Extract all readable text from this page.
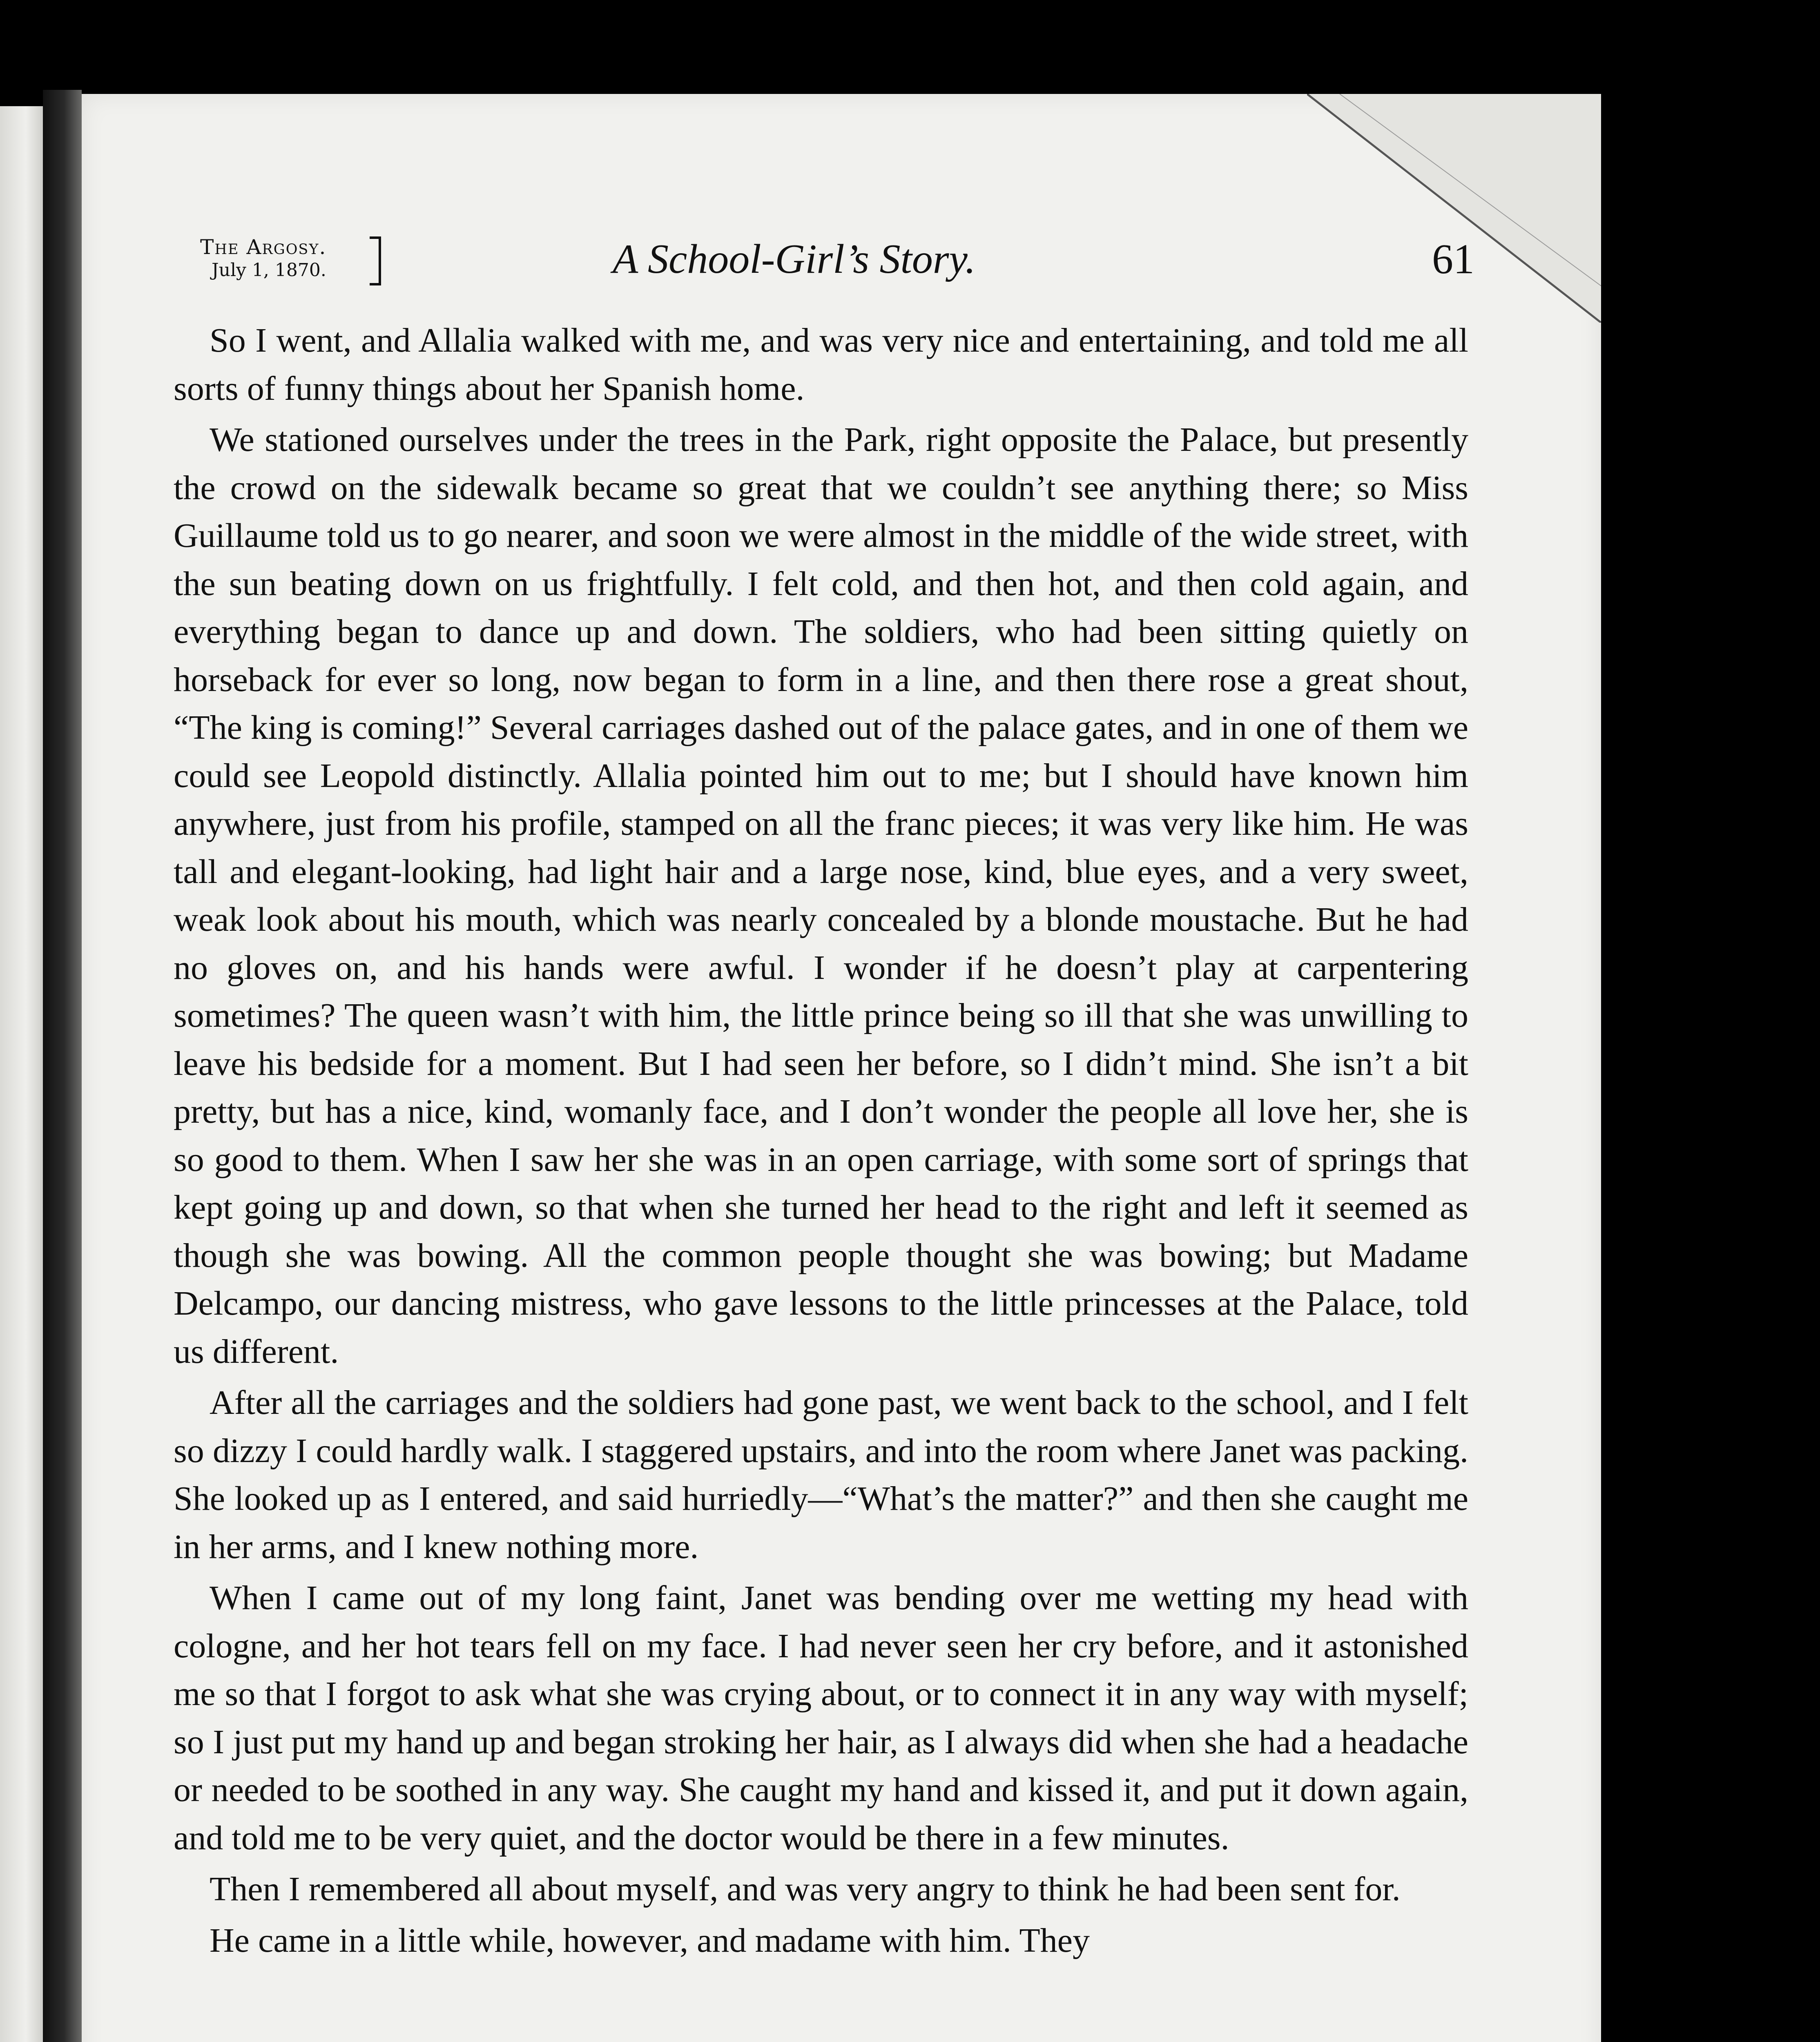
The Argosy.
July 1, 1870.	A School-Girl’s Story.	61

So I went, and Allalia walked with me, and was very nice and entertaining, and told me all sorts of funny things about her Spanish home.

We stationed ourselves under the trees in the Park, right opposite the Palace, but presently the crowd on the sidewalk became so great that we couldn’t see anything there; so Miss Guillaume told us to go nearer, and soon we were almost in the middle of the wide street, with the sun beating down on us frightfully. I felt cold, and then hot, and then cold again, and everything began to dance up and down. The soldiers, who had been sitting quietly on horseback for ever so long, now began to form in a line, and then there rose a great shout, “The king is coming!” Several carriages dashed out of the palace gates, and in one of them we could see Leopold distinctly. Allalia pointed him out to me; but I should have known him anywhere, just from his profile, stamped on all the franc pieces; it was very like him. He was tall and elegant-looking, had light hair and a large nose, kind, blue eyes, and a very sweet, weak look about his mouth, which was nearly concealed by a blonde moustache. But he had no gloves on, and his hands were awful. I wonder if he doesn’t play at carpentering sometimes? The queen wasn’t with him, the little prince being so ill that she was unwilling to leave his bedside for a moment. But I had seen her before, so I didn’t mind. She isn’t a bit pretty, but has a nice, kind, womanly face, and I don’t wonder the people all love her, she is so good to them. When I saw her she was in an open carriage, with some sort of springs that kept going up and down, so that when she turned her head to the right and left it seemed as though she was bowing. All the common people thought she was bowing; but Madame Delcampo, our dancing mistress, who gave lessons to the little princesses at the Palace, told us different.

After all the carriages and the soldiers had gone past, we went back to the school, and I felt so dizzy I could hardly walk. I staggered upstairs, and into the room where Janet was packing. She looked up as I entered, and said hurriedly—“What’s the matter?” and then she caught me in her arms, and I knew nothing more.

When I came out of my long faint, Janet was bending over me wetting my head with cologne, and her hot tears fell on my face. I had never seen her cry before, and it astonished me so that I forgot to ask what she was crying about, or to connect it in any way with myself; so I just put my hand up and began stroking her hair, as I always did when she had a headache or needed to be soothed in any way. She caught my hand and kissed it, and put it down again, and told me to be very quiet, and the doctor would be there in a few minutes.

Then I remembered all about myself, and was very angry to think he had been sent for.

He came in a little while, however, and madame with him. They
